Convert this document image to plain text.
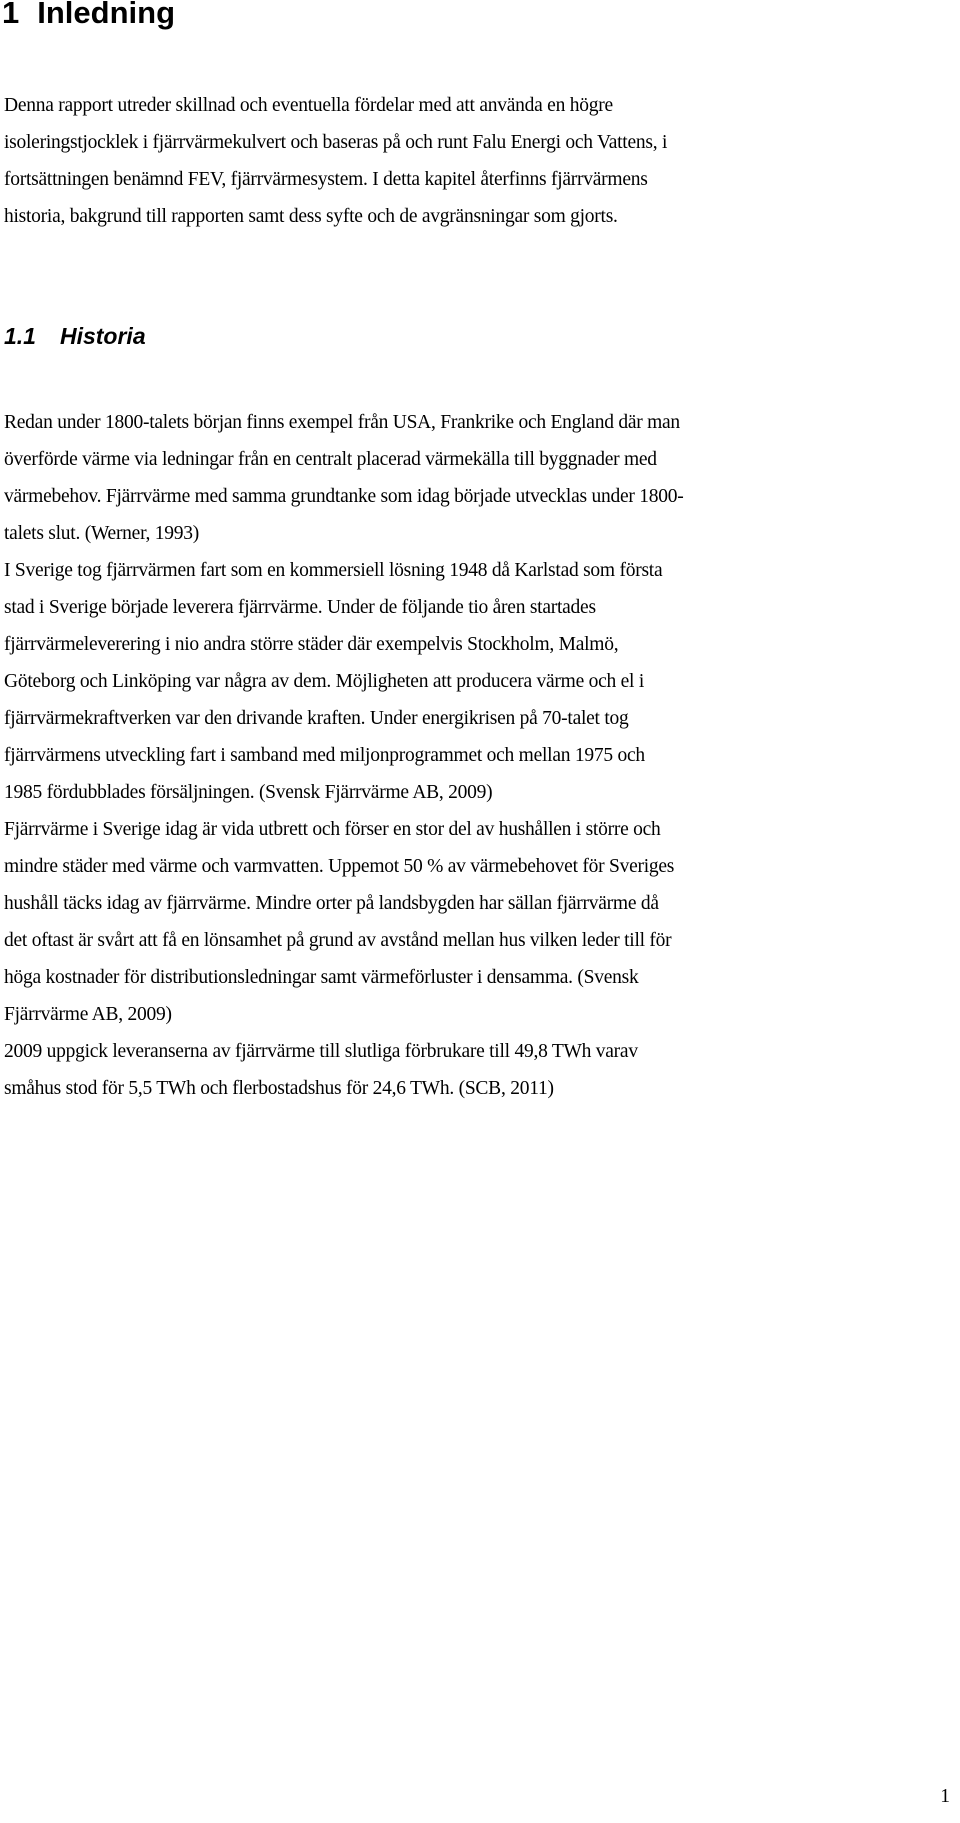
1 Inledning
Denna rapport utreder skillnad och eventuella fördelar med att använda en högre
isoleringstjocklek i fjärrvärmekulvert och baseras på och runt Falu Energi och Vattens, i
fortsättningen benämnd FEV, fjärrvärmesystem. I detta kapitel återfinns fjärrvärmens
historia, bakgrund till rapporten samt dess syfte och de avgränsningar som gjorts.
1.1 Historia
Redan under 1800-talets början finns exempel från USA, Frankrike och England där man
överförde värme via ledningar från en centralt placerad värmekälla till byggnader med
värmebehov. Fjärrvärme med samma grundtanke som idag började utvecklas under 1800-
talets slut. (Werner, 1993)
I Sverige tog fjärrvärmen fart som en kommersiell lösning 1948 då Karlstad som första
stad i Sverige började leverera fjärrvärme. Under de följande tio åren startades
fjärrvärmeleverering i nio andra större städer där exempelvis Stockholm, Malmö,
Göteborg och Linköping var några av dem. Möjligheten att producera värme och el i
fjärrvärmekraftverken var den drivande kraften. Under energikrisen på 70-talet tog
fjärrvärmens utveckling fart i samband med miljonprogrammet och mellan 1975 och
1985 fördubblades försäljningen. (Svensk Fjärrvärme AB, 2009)
Fjärrvärme i Sverige idag är vida utbrett och förser en stor del av hushållen i större och
mindre städer med värme och varmvatten. Uppemot 50 % av värmebehovet för Sveriges
hushåll täcks idag av fjärrvärme. Mindre orter på landsbygden har sällan fjärrvärme då
det oftast är svårt att få en lönsamhet på grund av avstånd mellan hus vilken leder till för
höga kostnader för distributionsledningar samt värmeförluster i densamma. (Svensk
Fjärrvärme AB, 2009)
2009 uppgick leveranserna av fjärrvärme till slutliga förbrukare till 49,8 TWh varav
småhus stod för 5,5 TWh och flerbostadshus för 24,6 TWh. (SCB, 2011)
1
